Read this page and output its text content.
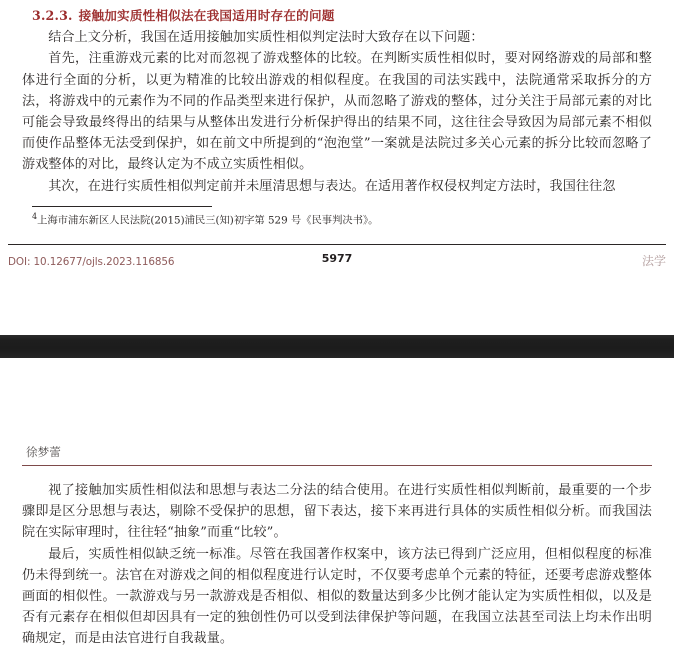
3.2.3. 接触加实质性相似法在我国适用时存在的问题

结合上文分析，我国在适用接触加实质性相似判定法时大致存在以下问题：

首先，注重游戏元素的比对而忽视了游戏整体的比较。在判断实质性相似时，要对网络游戏的局部和整体进行全面的分析，以更为精准的比较出游戏的相似程度。在我国的司法实践中，法院通常采取拆分的方法，将游戏中的元素作为不同的作品类型来进行保护，从而忽略了游戏的整体，过分关注于局部元素的对比可能会导致最终得出的结果与从整体出发进行分析保护得出的结果不同，这往往会导致因为局部元素不相似而使作品整体无法受到保护，如在前文中所提到的“泡泡堂”一案就是法院过多关心元素的拆分比较而忽略了游戏整体的对比，最终认定为不成立实质性相似。

其次，在进行实质性相似判定前并未厘清思想与表达。在适用著作权侵权判定方法时，我国往往忽

$^4$上海市浦东新区人民法院(2015)浦民三(知)初字第 529 号《民事判决书》。
DOI: 10.12677/ojls.2023.116856	5977	法学
徐梦蕾

视了接触加实质性相似法和思想与表达二分法的结合使用。在进行实质性相似判断前，最重要的一个步骤即是区分思想与表达，剔除不受保护的思想，留下表达，接下来再进行具体的实质性相似分析。而我国法院在实际审理时，往往轻“抽象”而重“比较”。

最后，实质性相似缺乏统一标准。尽管在我国著作权案中，该方法已得到广泛应用，但相似程度的标准仍未得到统一。法官在对游戏之间的相似程度进行认定时，不仅要考虑单个元素的特征，还要考虑游戏整体画面的相似性。一款游戏与另一款游戏是否相似、相似的数量达到多少比例才能认定为实质性相似，以及是否有元素存在相似但却因具有一定的独创性仍可以受到法律保护等问题，在我国立法甚至司法上均未作出明确规定，而是由法官进行自我裁量。
